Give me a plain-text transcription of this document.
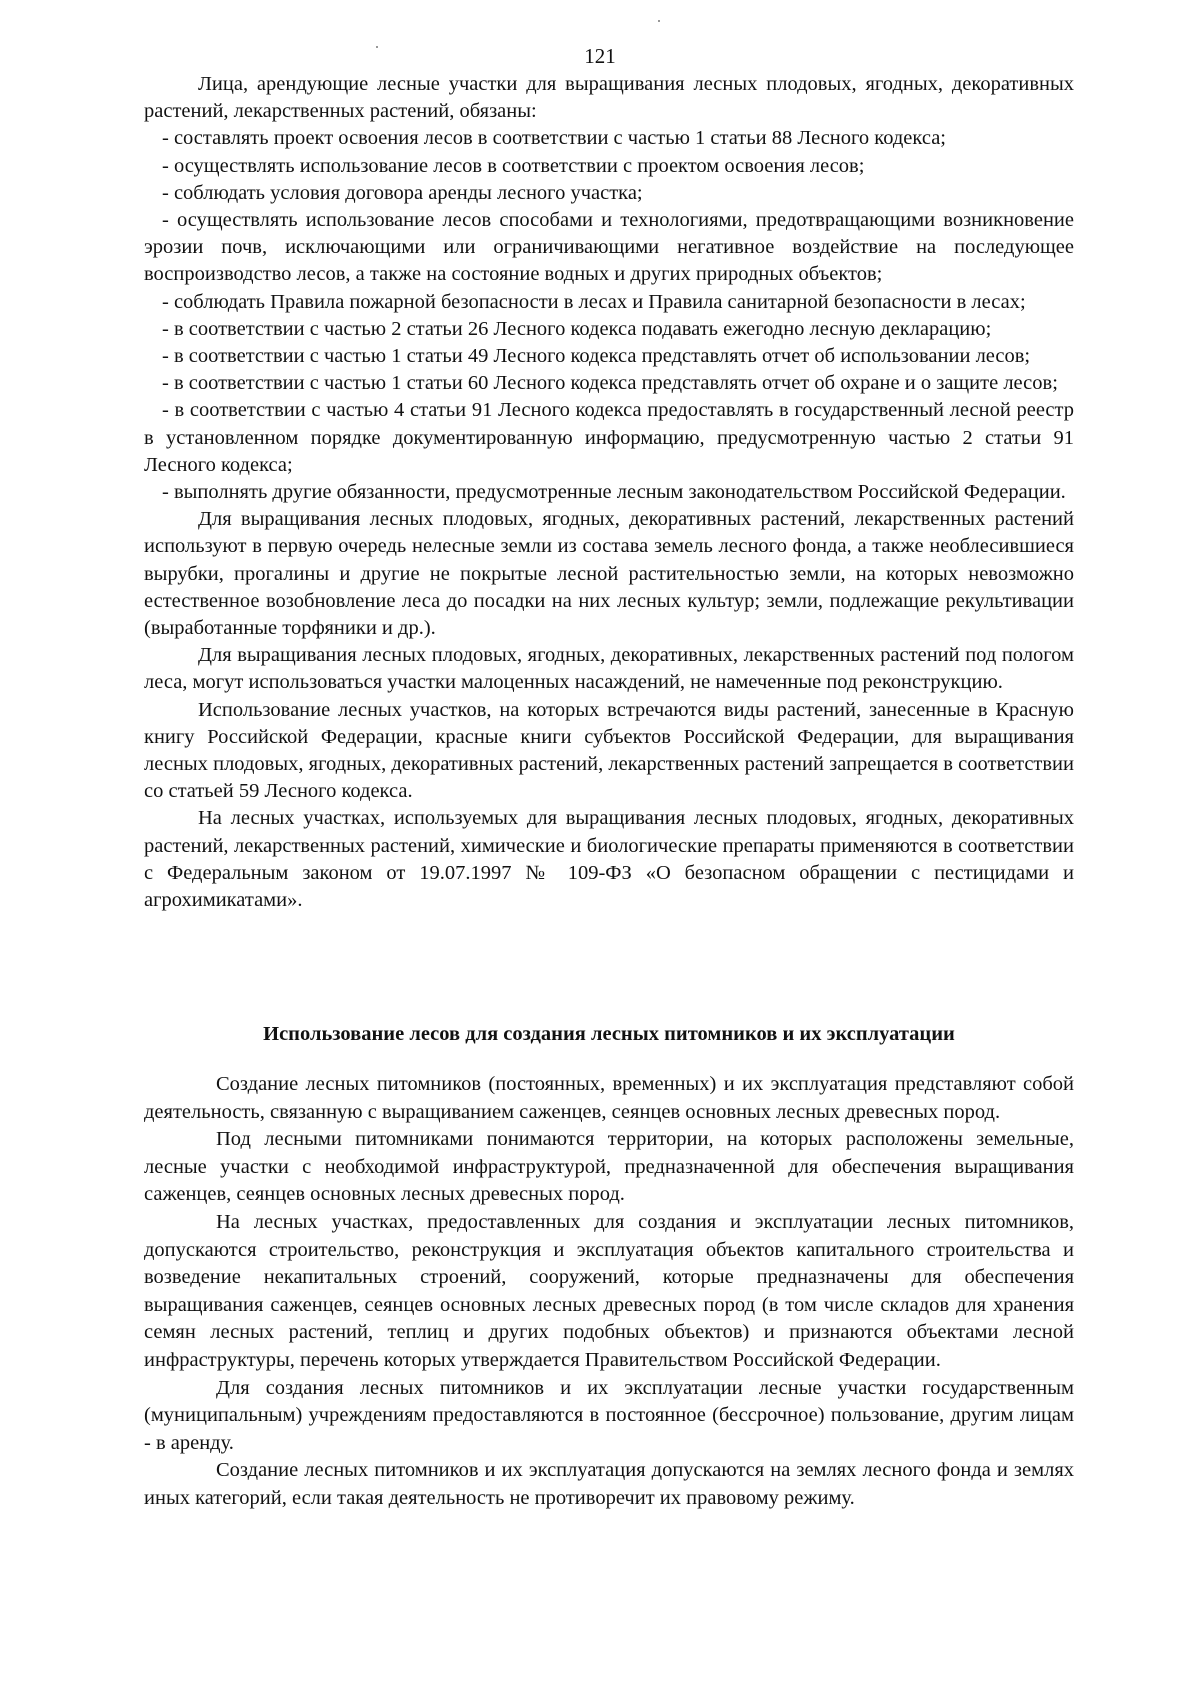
121

Лица, арендующие лесные участки для выращивания лесных плодовых, ягодных, декоративных растений, лекарственных растений, обязаны:

- составлять проект освоения лесов в соответствии с частью 1 статьи 88 Лесного кодекса;

- осуществлять использование лесов в соответствии с проектом освоения лесов;

- соблюдать условия договора аренды лесного участка;

- осуществлять использование лесов способами и технологиями, предотвращающими возникновение эрозии почв, исключающими или ограничивающими негативное воздействие на последующее воспроизводство лесов, а также на состояние водных и других природных объектов;

- соблюдать Правила пожарной безопасности в лесах и Правила санитарной безопасности в лесах;

- в соответствии с частью 2 статьи 26 Лесного кодекса подавать ежегодно лесную декларацию;

- в соответствии с частью 1 статьи 49 Лесного кодекса представлять отчет об использовании лесов;

- в соответствии с частью 1 статьи 60 Лесного кодекса представлять отчет об охране и о защите лесов;

- в соответствии с частью 4 статьи 91 Лесного кодекса предоставлять в государственный лесной реестр в установленном порядке документированную информацию, предусмотренную частью 2 статьи 91 Лесного кодекса;

- выполнять другие обязанности, предусмотренные лесным законодательством Российской Федерации.

Для выращивания лесных плодовых, ягодных, декоративных растений, лекарственных растений используют в первую очередь нелесные земли из состава земель лесного фонда, а также необлесившиеся вырубки, прогалины и другие не покрытые лесной растительностью земли, на которых невозможно естественное возобновление леса до посадки на них лесных культур; земли, подлежащие рекультивации (выработанные торфяники и др.).

Для выращивания лесных плодовых, ягодных, декоративных, лекарственных растений под пологом леса, могут использоваться участки малоценных насаждений, не намеченные под реконструкцию.

Использование лесных участков, на которых встречаются виды растений, занесенные в Красную книгу Российской Федерации, красные книги субъектов Российской Федерации, для выращивания лесных плодовых, ягодных, декоративных растений, лекарственных растений запрещается в соответствии со статьей 59 Лесного кодекса.

На лесных участках, используемых для выращивания лесных плодовых, ягодных, декоративных растений, лекарственных растений, химические и биологические препараты применяются в соответствии с Федеральным законом от 19.07.1997 № 109-ФЗ «О безопасном обращении с пестицидами и агрохимикатами».

Использование лесов для создания лесных питомников и их эксплуатации

Создание лесных питомников (постоянных, временных) и их эксплуатация представляют собой деятельность, связанную с выращиванием саженцев, сеянцев основных лесных древесных пород.

Под лесными питомниками понимаются территории, на которых расположены земельные, лесные участки с необходимой инфраструктурой, предназначенной для обеспечения выращивания саженцев, сеянцев основных лесных древесных пород.

На лесных участках, предоставленных для создания и эксплуатации лесных питомников, допускаются строительство, реконструкция и эксплуатация объектов капитального строительства и возведение некапитальных строений, сооружений, которые предназначены для обеспечения выращивания саженцев, сеянцев основных лесных древесных пород (в том числе складов для хранения семян лесных растений, теплиц и других подобных объектов) и признаются объектами лесной инфраструктуры, перечень которых утверждается Правительством Российской Федерации.

Для создания лесных питомников и их эксплуатации лесные участки государственным (муниципальным) учреждениям предоставляются в постоянное (бессрочное) пользование, другим лицам - в аренду.

Создание лесных питомников и их эксплуатация допускаются на землях лесного фонда и землях иных категорий, если такая деятельность не противоречит их правовому режиму.
